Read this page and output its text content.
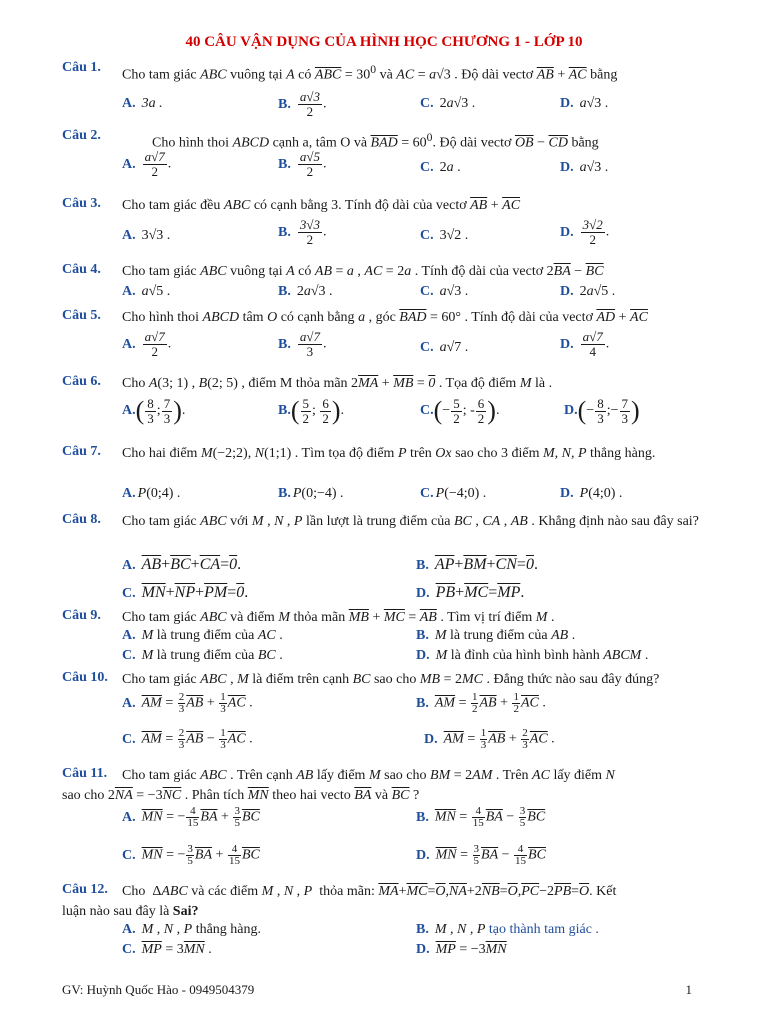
40 CÂU VẬN DỤNG CỦA HÌNH HỌC CHƯƠNG 1 - LỚP 10
Câu 1.
Cho tam giác ABC vuông tại A có $\overline{ABC} = 30^0$ và AC = a√3 . Độ dài vectơ $\overline{AB} + \overline{AC}$ bằng
A. 3a .	B. $\frac{a√3}{2}$ .	C. 2a√3 .	D. a√3 .
Câu 2.
Cho hình thoi ABCD cạnh a, tâm O và $\overline{BAD} = 60^0$. Độ dài vectơ $\overline{OB} - \overline{CD}$ bằng
A. $\frac{a√7}{2}$ .	B. $\frac{a√5}{2}$ .	C. 2a .	D. a√3 .
Câu 3. Cho tam giác đều ABC có cạnh bằng 3. Tính độ dài của vectơ $\overline{AB} + \overline{AC}$
A. 3√3 .	B. $\frac{3√3}{2}$ .	C. 3√2 .	D. $\frac{3√2}{2}$ .
Câu 4. Cho tam giác ABC vuông tại A có AB = a , AC = 2a . Tính độ dài của vectơ $2\overline{BA} - \overline{BC}$
A. a√5 .	B. 2a√3 .	C. a√3 .	D. 2a√5 .
Câu 5. Cho hình thoi ABCD tâm O có cạnh bằng a , góc $\overline{BAD} = 60^\circ$ . Tính độ dài của vectơ $\overline{AD} + \overline{AC}$
A. $\frac{a√7}{2}$ .	B. $\frac{a√7}{3}$ .	C. a√7 .	D. $\frac{a√7}{4}$ .
Câu 6. Cho A(3; 1) , B(2; 5) , điểm M thỏa mãn $2\overline{MA} + \overline{MB} = 0$ . Tọa độ điểm M là .
$A.( \frac{8}{3}$ ; $\frac{7}{3}$ ).	$B.( \frac{5}{2}$ ; $\frac{6}{2}$ ).	$C.(- \frac{5}{2}$ ; - $\frac{6}{2}$ ).	$D.(- \frac{8}{3}$ ;− $\frac{7}{3}$ )
Câu 7. Cho hai điểm M(−2;2), N(1;1) . Tìm tọa độ điểm P trên Ox sao cho 3 điểm M, N, P thẳng hàng.
A. P(0;4) .	B. P(0;−4) .	C. P(−4;0) .	D. P(4;0) .
Câu 8. Cho tam giác ABC với M , N , P lần lượt là trung điểm của BC , CA , AB . Khẳng định nào sau đây sai?
A. $\overline{AB}+\overline{BC}+\overline{CA}=0$.	B. $\overline{AP}+\overline{BM}+\overline{CN}=0$.
C. $\overline{MN}+\overline{NP}+\overline{PM}=0$.	D. $\overline{PB}+\overline{MC}=\overline{MP}$.
Câu 9. Cho tam giác ABC và điểm M thỏa mãn $\overline{MB} + \overline{MC} = \overline{AB}$ . Tìm vị trí điểm M .
A. M là trung điểm của AC .	B. M là trung điểm của AB .
C. M là trung điểm của BC .	D. M là đỉnh của hình bình hành ABCM .
Câu 10. Cho tam giác ABC , M là điểm trên cạnh BC sao cho MB = 2MC . Đẳng thức nào sau đây đúng?
A. $\overline{AM} = \frac{2}{3} \overline{AB} + \frac{1}{3} \overline{AC}$ .	B. $\overline{AM} = \frac{1}{2} \overline{AB} + \frac{1}{2} \overline{AC}$ .
C. $\overline{AM} = \frac{2}{3} \overline{AB} - \frac{1}{3} \overline{AC}$ .	D. $\overline{AM} = \frac{1}{3} \overline{AB} + \frac{2}{3} \overline{AC}$ .
Câu 11. Cho tam giác ABC . Trên cạnh AB lấy điểm M sao cho BM = 2AM . Trên AC lấy điểm N
sao cho $2\overline{NA} = -3\overline{NC}$ . Phân tích $\overline{MN}$ theo hai vecto $\overline{BA}$ và $\overline{BC}$ ?
A. $\overline{MN}$ = − $\frac{4}{15} \overline{BA} + \frac{3}{5} \overline{BC}$	B. $\overline{MN} = \frac{4}{15} \overline{BA} - \frac{3}{5} \overline{BC}$
C. $\overline{MN}$ = − $\frac{3}{5} \overline{BA} + \frac{4}{15} \overline{BC}$	D. $\overline{MN} = \frac{3}{5} \overline{BA} - \frac{4}{15} \overline{BC}$
Câu 12. Cho  ΔABC và các điểm M , N , P  thỏa mãn: $\overline{MA}+\overline{MC}=\overline{O},\overline{NA}+2\overline{NB}=\overline{O},\overline{PC}-2\overline{PB}=\overline{O}$. Kết
luận nào sau đây là Sai?
A. M , N , P thẳng hàng.	B. M , N , P tạo thành tam giác .
C. $\overline{MP} = 3\overline{MN}$ .	D. $\overline{MP} = -3\overline{MN}$
GV: Huỳnh Quốc Hào - 0949504379	1
